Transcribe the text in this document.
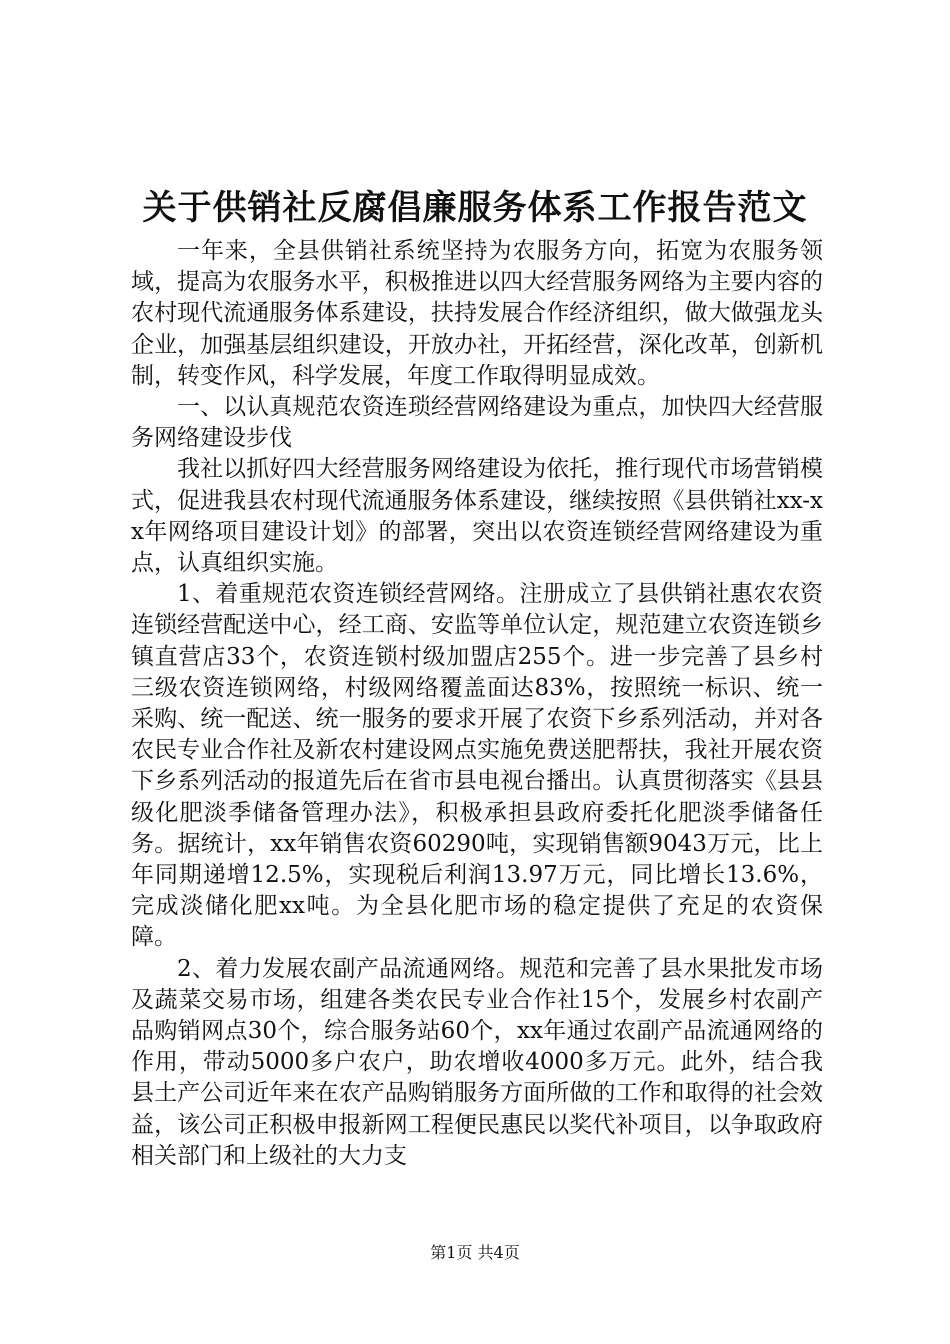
关于供销社反腐倡廉服务体系工作报告范文

一年来，全县供销社系统坚持为农服务方向，拓宽为农服务领域，提高为农服务水平，积极推进以四大经营服务网络为主要内容的农村现代流通服务体系建设，扶持发展合作经济组织，做大做强龙头企业，加强基层组织建设，开放办社，开拓经营，深化改革，创新机制，转变作风，科学发展，年度工作取得明显成效。

一、以认真规范农资连琐经营网络建设为重点，加快四大经营服务网络建设步伐

我社以抓好四大经营服务网络建设为依托，推行现代市场营销模式，促进我县农村现代流通服务体系建设，继续按照《县供销社xx-xx年网络项目建设计划》的部署，突出以农资连锁经营网络建设为重点，认真组织实施。

1、着重规范农资连锁经营网络。注册成立了县供销社惠农农资连锁经营配送中心，经工商、安监等单位认定，规范建立农资连锁乡镇直营店33个，农资连锁村级加盟店255个。进一步完善了县乡村三级农资连锁网络，村级网络覆盖面达83%，按照统一标识、统一采购、统一配送、统一服务的要求开展了农资下乡系列活动，并对各农民专业合作社及新农村建设网点实施免费送肥帮扶，我社开展农资下乡系列活动的报道先后在省市县电视台播出。认真贯彻落实《县县级化肥淡季储备管理办法》，积极承担县政府委托化肥淡季储备任务。据统计，xx年销售农资60290吨，实现销售额9043万元，比上年同期递增12.5%，实现税后利润13.97万元，同比增长13.6%，完成淡储化肥xx吨。为全县化肥市场的稳定提供了充足的农资保障。

2、着力发展农副产品流通网络。规范和完善了县水果批发市场及蔬菜交易市场，组建各类农民专业合作社15个，发展乡村农副产品购销网点30个，综合服务站60个，xx年通过农副产品流通网络的作用，带动5000多户农户，助农增收4000多万元。此外，结合我县土产公司近年来在农产品购销服务方面所做的工作和取得的社会效益，该公司正积极申报新网工程便民惠民以奖代补项目，以争取政府相关部门和上级社的大力支

第1页 共4页
